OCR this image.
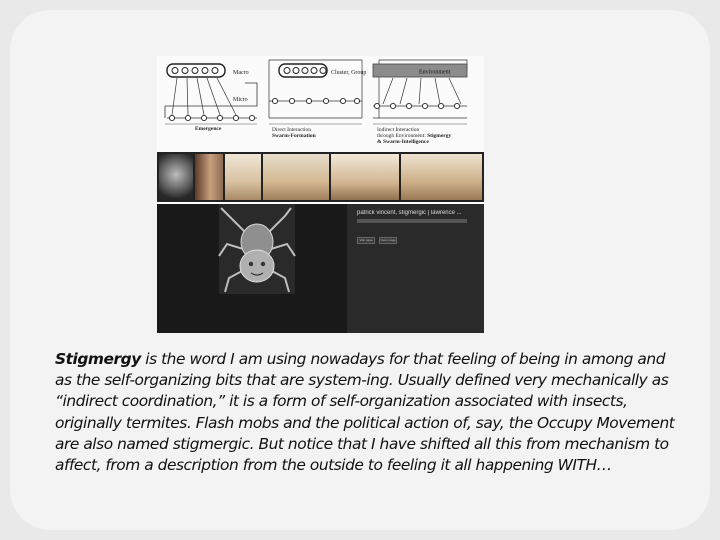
Macro
Micro
Emergence
Cluster, Group
Direct Interaction
Swarm-Formation
Environment
Indirect Interaction
through Environment: Stigmergy
& Swarm-Intelligence
patrick vincent, stigmergic | lawrence ...
Visit page	View image
Stigmergy is the word I am using nowadays for that feeling of being in among and as the self-organizing bits that are system-ing. Usually defined very mechanically as “indirect coordination,” it is a form of self-organization associated with insects, originally termites. Flash mobs and the political action of, say, the Occupy Movement are also named stigmergic. But notice that I have shifted all this from mechanism to affect, from a description from the outside to feeling it all happening WITH…
